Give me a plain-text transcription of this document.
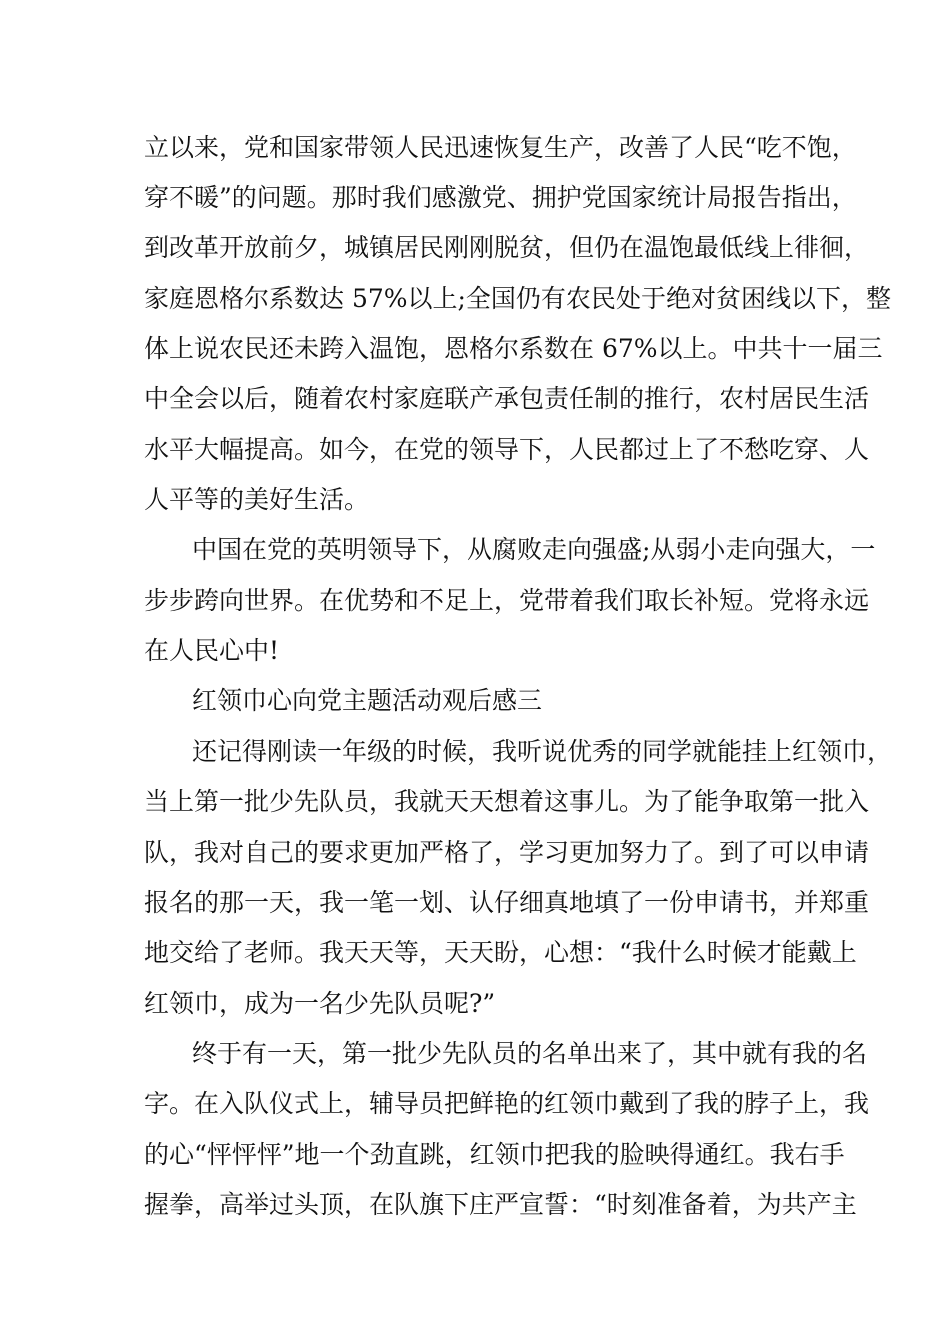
立以来，党和国家带领人民迅速恢复生产，改善了人民“吃不饱，
穿不暖”的问题。那时我们感激党、拥护党国家统计局报告指出，
到改革开放前夕，城镇居民刚刚脱贫，但仍在温饱最低线上徘徊，
家庭恩格尔系数达 57%以上;全国仍有农民处于绝对贫困线以下，整
体上说农民还未跨入温饱，恩格尔系数在 67%以上。中共十一届三
中全会以后，随着农村家庭联产承包责任制的推行，农村居民生活
水平大幅提高。如今，在党的领导下，人民都过上了不愁吃穿、人
人平等的美好生活。
中国在党的英明领导下，从腐败走向强盛;从弱小走向强大，一
步步跨向世界。在优势和不足上，党带着我们取长补短。党将永远
在人民心中!
红领巾心向党主题活动观后感三
还记得刚读一年级的时候，我听说优秀的同学就能挂上红领巾，
当上第一批少先队员，我就天天想着这事儿。为了能争取第一批入
队，我对自己的要求更加严格了，学习更加努力了。到了可以申请
报名的那一天，我一笔一划、认仔细真地填了一份申请书，并郑重
地交给了老师。我天天等，天天盼，心想：“我什么时候才能戴上
红领巾，成为一名少先队员呢?”
终于有一天，第一批少先队员的名单出来了，其中就有我的名
字。在入队仪式上，辅导员把鲜艳的红领巾戴到了我的脖子上，我
的心“怦怦怦”地一个劲直跳，红领巾把我的脸映得通红。我右手
握拳，高举过头顶，在队旗下庄严宣誓：“时刻准备着，为共产主
